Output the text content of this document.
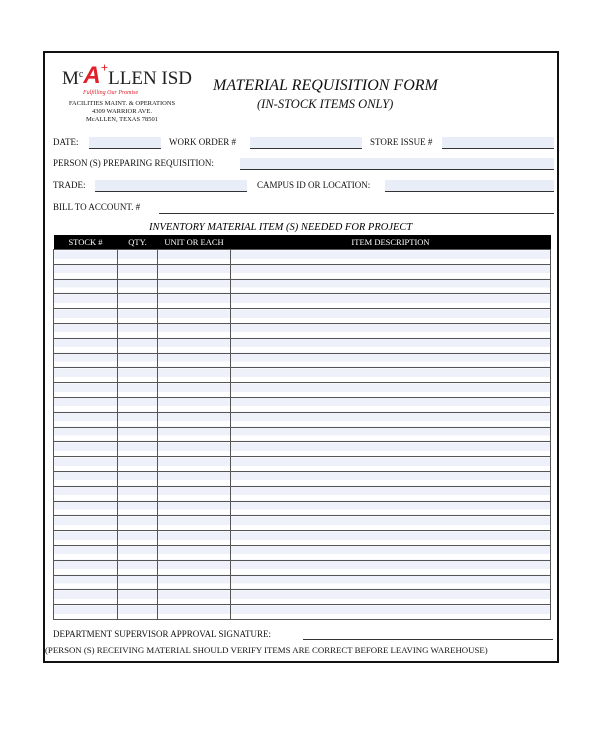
M c A +
LLEN ISD
Fulfilling Our Promise
FACILITIES MAINT. & OPERATIONS
4309 WARRIOR AVE.
McALLEN, TEXAS 78501
MATERIAL REQUISITION FORM
(IN-STOCK ITEMS ONLY)
DATE:	WORK ORDER #	STORE ISSUE #
PERSON (S) PREPARING REQUISITION:
TRADE:	CAMPUS ID OR LOCATION:
BILL TO ACCOUNT. #
INVENTORY MATERIAL ITEM (S) NEEDED FOR PROJECT
STOCK #	QTY.	UNIT OR EACH	ITEM DESCRIPTION

DEPARTMENT SUPERVISOR APPROVAL SIGNATURE:
(PERSON (S) RECEIVING MATERIAL SHOULD VERIFY ITEMS ARE CORRECT BEFORE LEAVING WAREHOUSE)
